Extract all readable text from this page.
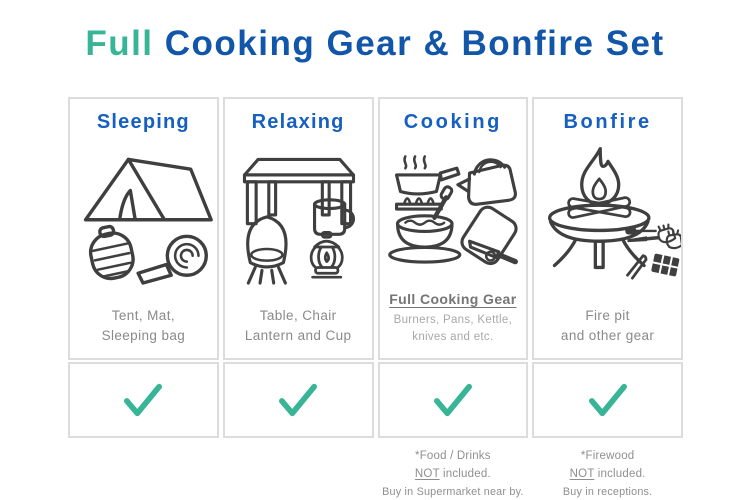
Full Cooking Gear & Bonfire Set
Sleeping
Tent, Mat,
Sleeping bag
Relaxing
Table, Chair
Lantern and Cup
Cooking
Full Cooking Gear
Burners, Pans, Kettle,
knives and etc.
*Food / Drinks
NOT included.
Buy in Supermarket near by.
Bonfire
Fire pit
and other gear
*Firewood
NOT included.
Buy in receptions.
